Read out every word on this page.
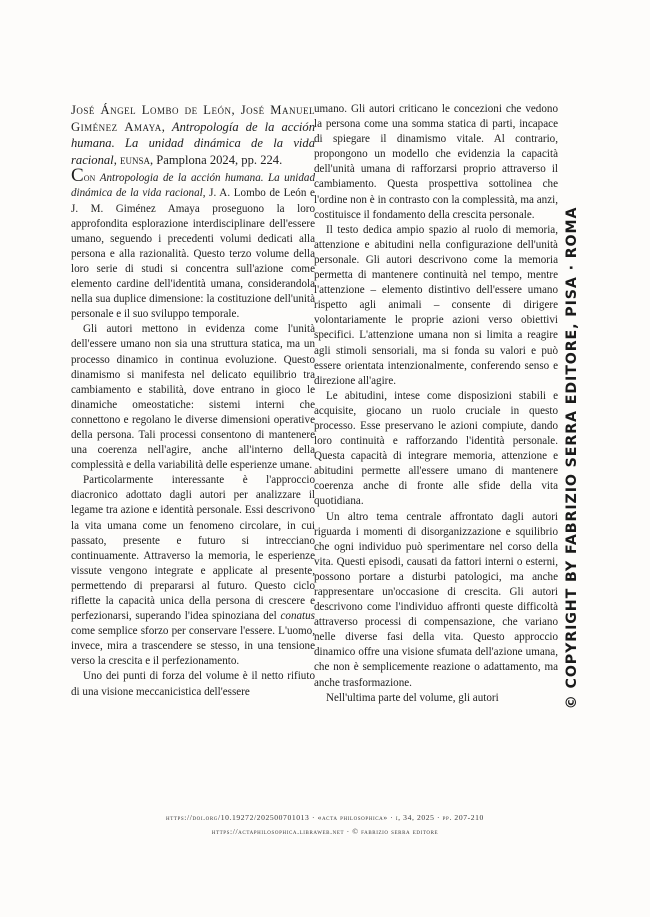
José Ángel Lombo de León, José Manuel Giménez Amaya, Antropología de la acción humana. La unidad dinámica de la vida racional, eunsa, Pamplona 2024, pp. 224.

Con Antropologia de la acción humana. La unidad dinámica de la vida racional, J. A. Lombo de León e J. M. Giménez Amaya proseguono la loro approfondita esplorazione interdisciplinare dell'essere umano, seguendo i precedenti volumi dedicati alla persona e alla razionalità. Questo terzo volume della loro serie di studi si concentra sull'azione come elemento cardine dell'identità umana, considerandola nella sua duplice dimensione: la costituzione dell'unità personale e il suo sviluppo temporale.

Gli autori mettono in evidenza come l'unità dell'essere umano non sia una struttura statica, ma un processo dinamico in continua evoluzione. Questo dinamismo si manifesta nel delicato equilibrio tra cambiamento e stabilità, dove entrano in gioco le dinamiche omeostatiche: sistemi interni che connettono e regolano le diverse dimensioni operative della persona. Tali processi consentono di mantenere una coerenza nell'agire, anche all'interno della complessità e della variabilità delle esperienze umane.

Particolarmente interessante è l'approccio diacronico adottato dagli autori per analizzare il legame tra azione e identità personale. Essi descrivono la vita umana come un fenomeno circolare, in cui passato, presente e futuro si intrecciano continuamente. Attraverso la memoria, le esperienze vissute vengono integrate e applicate al presente, permettendo di prepararsi al futuro. Questo ciclo riflette la capacità unica della persona di crescere e perfezionarsi, superando l'idea spinoziana del conatus come semplice sforzo per conservare l'essere. L'uomo, invece, mira a trascendere se stesso, in una tensione verso la crescita e il perfezionamento.

Uno dei punti di forza del volume è il netto rifiuto di una visione meccanicistica dell'essere

umano. Gli autori criticano le concezioni che vedono la persona come una somma statica di parti, incapace di spiegare il dinamismo vitale. Al contrario, propongono un modello che evidenzia la capacità dell'unità umana di rafforzarsi proprio attraverso il cambiamento. Questa prospettiva sottolinea che l'ordine non è in contrasto con la complessità, ma anzi, costituisce il fondamento della crescita personale.

Il testo dedica ampio spazio al ruolo di memoria, attenzione e abitudini nella configurazione dell'unità personale. Gli autori descrivono come la memoria permetta di mantenere continuità nel tempo, mentre l'attenzione – elemento distintivo dell'essere umano rispetto agli animali – consente di dirigere volontariamente le proprie azioni verso obiettivi specifici. L'attenzione umana non si limita a reagire agli stimoli sensoriali, ma si fonda su valori e può essere orientata intenzionalmente, conferendo senso e direzione all'agire.

Le abitudini, intese come disposizioni stabili e acquisite, giocano un ruolo cruciale in questo processo. Esse preservano le azioni compiute, dando loro continuità e rafforzando l'identità personale. Questa capacità di integrare memoria, attenzione e abitudini permette all'essere umano di mantenere coerenza anche di fronte alle sfide della vita quotidiana.

Un altro tema centrale affrontato dagli autori riguarda i momenti di disorganizzazione e squilibrio che ogni individuo può sperimentare nel corso della vita. Questi episodi, causati da fattori interni o esterni, possono portare a disturbi patologici, ma anche rappresentare un'occasione di crescita. Gli autori descrivono come l'individuo affronti queste difficoltà attraverso processi di compensazione, che variano nelle diverse fasi della vita. Questo approccio dinamico offre una visione sfumata dell'azione umana, che non è semplicemente reazione o adattamento, ma anche trasformazione.

Nell'ultima parte del volume, gli autori	© COPYRIGHT BY FABRIZIO SERRA EDITORE, PISA · ROMA
https://doi.org/10.19272/202500701013 · «acta philosophica» · i, 34, 2025 · pp. 207-210
https://actaphilosophica.libraweb.net · © fabrizio serra editore
